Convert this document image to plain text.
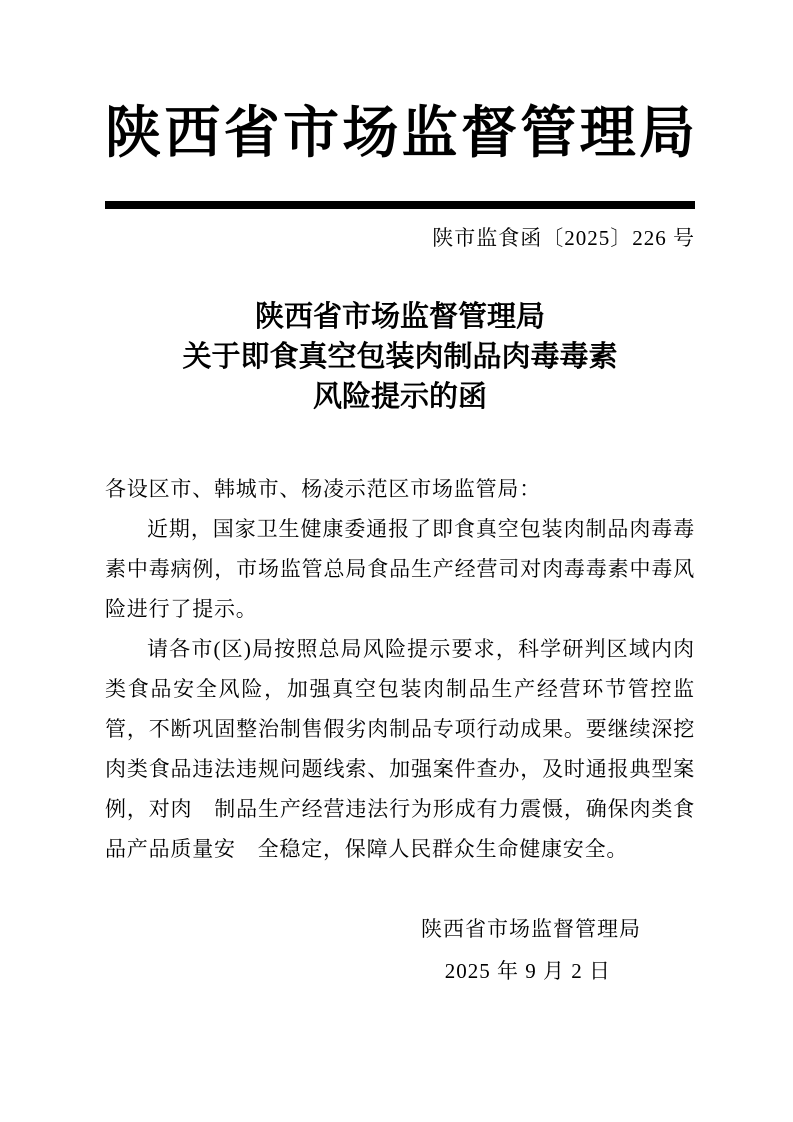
陕西省市场监督管理局
陕市监食函〔2025〕226 号
陕西省市场监督管理局
关于即食真空包装肉制品肉毒毒素
风险提示的函
各设区市、韩城市、杨凌示范区市场监管局：

近期，国家卫生健康委通报了即食真空包装肉制品肉毒毒素中毒病例，市场监管总局食品生产经营司对肉毒毒素中毒风险进行了提示。

请各市(区)局按照总局风险提示要求，科学研判区域内肉类食品安全风险，加强真空包装肉制品生产经营环节管控监管，不断巩固整治制售假劣肉制品专项行动成果。要继续深挖肉类食品违法违规问题线索、加强案件查办，及时通报典型案例，对肉　制品生产经营违法行为形成有力震慑，确保肉类食品产品质量安　全稳定，保障人民群众生命健康安全。

陕西省市场监督管理局
2025 年 9 月 2 日
